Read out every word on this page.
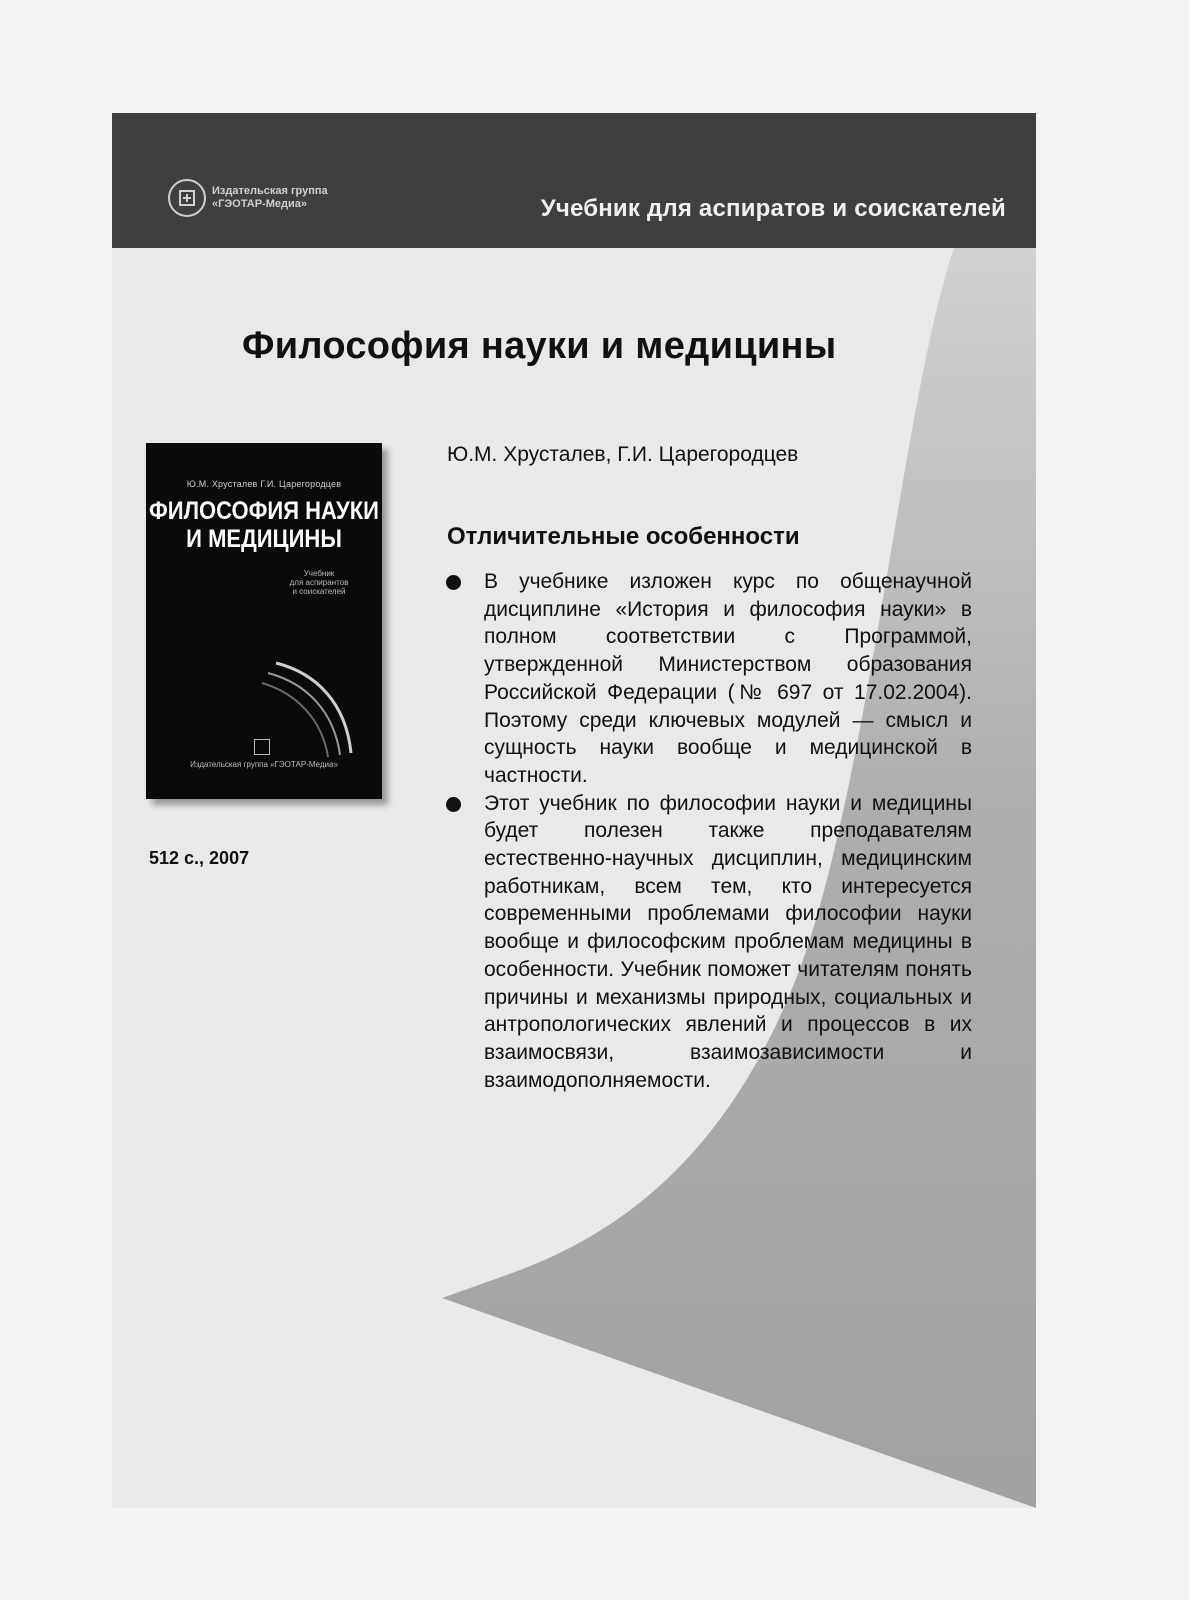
Издательская группа
«ГЭОТАР-Медиа»	Учебник для аспиратов и соискателей
Философия науки и медицины
Ю.М. Хрусталев Г.И. Царегородцев
ФИЛОСОФИЯ НАУКИ
И МЕДИЦИНЫ
Учебник
для аспирантов
и соискателей
Издательская группа «ГЭОТАР-Медиа»
512 с., 2007
Ю.М. Хрусталев, Г.И. Царегородцев
Отличительные особенности
В учебнике изложен курс по общенаучной дисциплине «История и философия науки» в полном соответствии с Программой, утвержденной Министерством образования Российской Федерации (№ 697 от 17.02.2004). Поэтому среди ключевых модулей — смысл и сущность науки вообще и медицинской в частности.
Этот учебник по философии науки и медицины будет полезен также преподавателям естественно-научных дисциплин, медицинским работникам, всем тем, кто интересуется современными проблемами философии науки вообще и философским проблемам медицины в особенности. Учебник поможет читателям понять причины и механизмы природных, социальных и антропологических явлений и процессов в их взаимосвязи, взаимозависимости и взаимодополняемости.
